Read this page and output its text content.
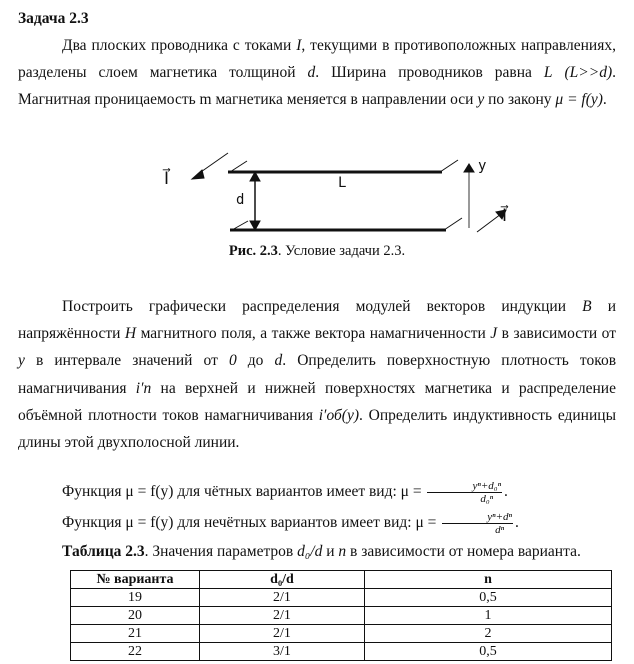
Задача 2.3
Два плоских проводника с токами I, текущими в противоположных направлениях, разделены слоем магнетика толщиной d. Ширина проводников равна L (L>>d). Магнитная проницаемость m магнетика меняется в направлении оси y по закону μ = f(y).
I⃗
I⃗
d
L
y
Рис. 2.3. Условие задачи 2.3.
Построить графически распределения модулей векторов индукции B и напряжённости H магнитного поля, а также вектора намагниченности J в зависимости от y в интервале значений от 0 до d. Определить поверхностную плотность токов намагничивания i′п на верхней и нижней поверхностях магнетика и распределение объёмной плотности токов намагничивания i′об(y). Определить индуктивность единицы длины этой двухполосной линии.
Функция μ = f(y) для чётных вариантов имеет вид: $\mu = \frac{\text{yⁿ+d₀ⁿ}}{\text{d₀ⁿ}}$ .
Функция μ = f(y) для нечётных вариантов имеет вид: $\mu = \frac{\text{yⁿ+dⁿ}}{\text{dⁿ}}$ .
Таблица 2.3. Значения параметров d₀/d и n в зависимости от номера варианта.
№ варианта	d₀/d	n
19	2/1	0,5
20	2/1	1
21	2/1	2
22	3/1	0,5
